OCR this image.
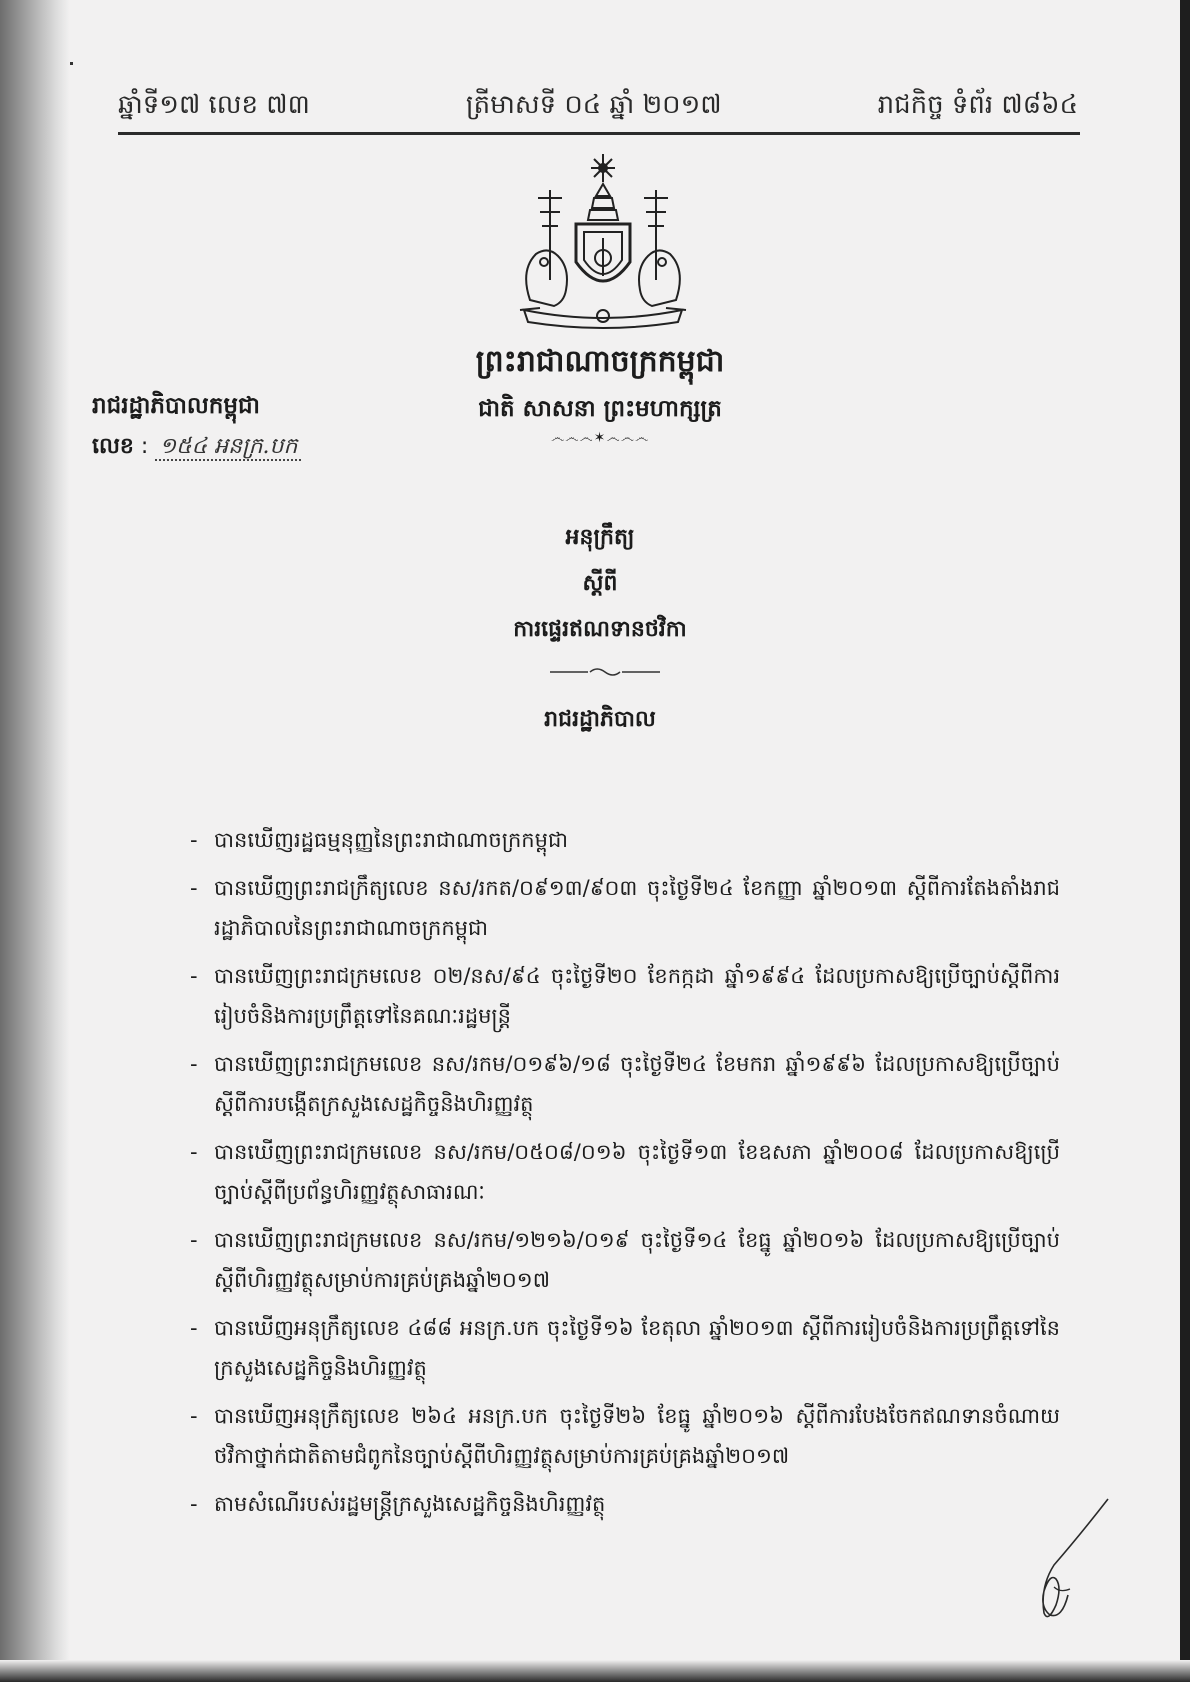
ឆ្នាំទី១៧ លេខ ៧៣	ត្រីមាសទី ០៤ ឆ្នាំ ២០១៧	រាជកិច្ច ទំព័រ ៧៨៦៤
ព្រះរាជាណាចក្រកម្ពុជា
ជាតិ សាសនា ព្រះមហាក្សត្រ
෴෴෴✶෴෴෴
រាជរដ្ឋាភិបាលកម្ពុជា
លេខ : ១៥៤ អនក្រ.បក
អនុក្រឹត្យ
ស្តីពី
ការផ្ទេរឥណទានថវិកា
រាជរដ្ឋាភិបាល
- បានឃើញរដ្ឋធម្មនុញ្ញនៃព្រះរាជាណាចក្រកម្ពុជា
- បានឃើញព្រះរាជក្រឹត្យលេខ នស/រកត/០៩១៣/៩០៣ ចុះថ្ងៃទី២៤ ខែកញ្ញា ឆ្នាំ២០១៣ ស្តីពីការតែងតាំងរាជរដ្ឋាភិបាលនៃព្រះរាជាណាចក្រកម្ពុជា
- បានឃើញព្រះរាជក្រមលេខ ០២/នស/៩៤ ចុះថ្ងៃទី២០ ខែកក្កដា ឆ្នាំ១៩៩៤ ដែលប្រកាសឱ្យប្រើច្បាប់ស្តីពីការរៀបចំនិងការប្រព្រឹត្តទៅនៃគណៈរដ្ឋមន្ត្រី
- បានឃើញព្រះរាជក្រមលេខ នស/រកម/០១៩៦/១៨ ចុះថ្ងៃទី២៤ ខែមករា ឆ្នាំ១៩៩៦ ដែលប្រកាសឱ្យប្រើច្បាប់ស្តីពីការបង្កើតក្រសួងសេដ្ឋកិច្ចនិងហិរញ្ញវត្ថុ
- បានឃើញព្រះរាជក្រមលេខ នស/រកម/០៥០៨/០១៦ ចុះថ្ងៃទី១៣ ខែឧសភា ឆ្នាំ២០០៨ ដែលប្រកាសឱ្យប្រើច្បាប់ស្តីពីប្រព័ន្ធហិរញ្ញវត្ថុសាធារណៈ
- បានឃើញព្រះរាជក្រមលេខ នស/រកម/១២១៦/០១៩ ចុះថ្ងៃទី១៤ ខែធ្នូ ឆ្នាំ២០១៦ ដែលប្រកាសឱ្យប្រើច្បាប់ស្តីពីហិរញ្ញវត្ថុសម្រាប់ការគ្រប់គ្រងឆ្នាំ២០១៧
- បានឃើញអនុក្រឹត្យលេខ ៤៨៨ អនក្រ.បក ចុះថ្ងៃទី១៦ ខែតុលា ឆ្នាំ២០១៣ ស្តីពីការរៀបចំនិងការប្រព្រឹត្តទៅនៃក្រសួងសេដ្ឋកិច្ចនិងហិរញ្ញវត្ថុ
- បានឃើញអនុក្រឹត្យលេខ ២៦៤ អនក្រ.បក ចុះថ្ងៃទី២៦ ខែធ្នូ ឆ្នាំ២០១៦ ស្តីពីការបែងចែកឥណទានចំណាយថវិកាថ្នាក់ជាតិតាមជំពូកនៃច្បាប់ស្តីពីហិរញ្ញវត្ថុសម្រាប់ការគ្រប់គ្រងឆ្នាំ២០១៧
- តាមសំណើរបស់រដ្ឋមន្ត្រីក្រសួងសេដ្ឋកិច្ចនិងហិរញ្ញវត្ថុ
